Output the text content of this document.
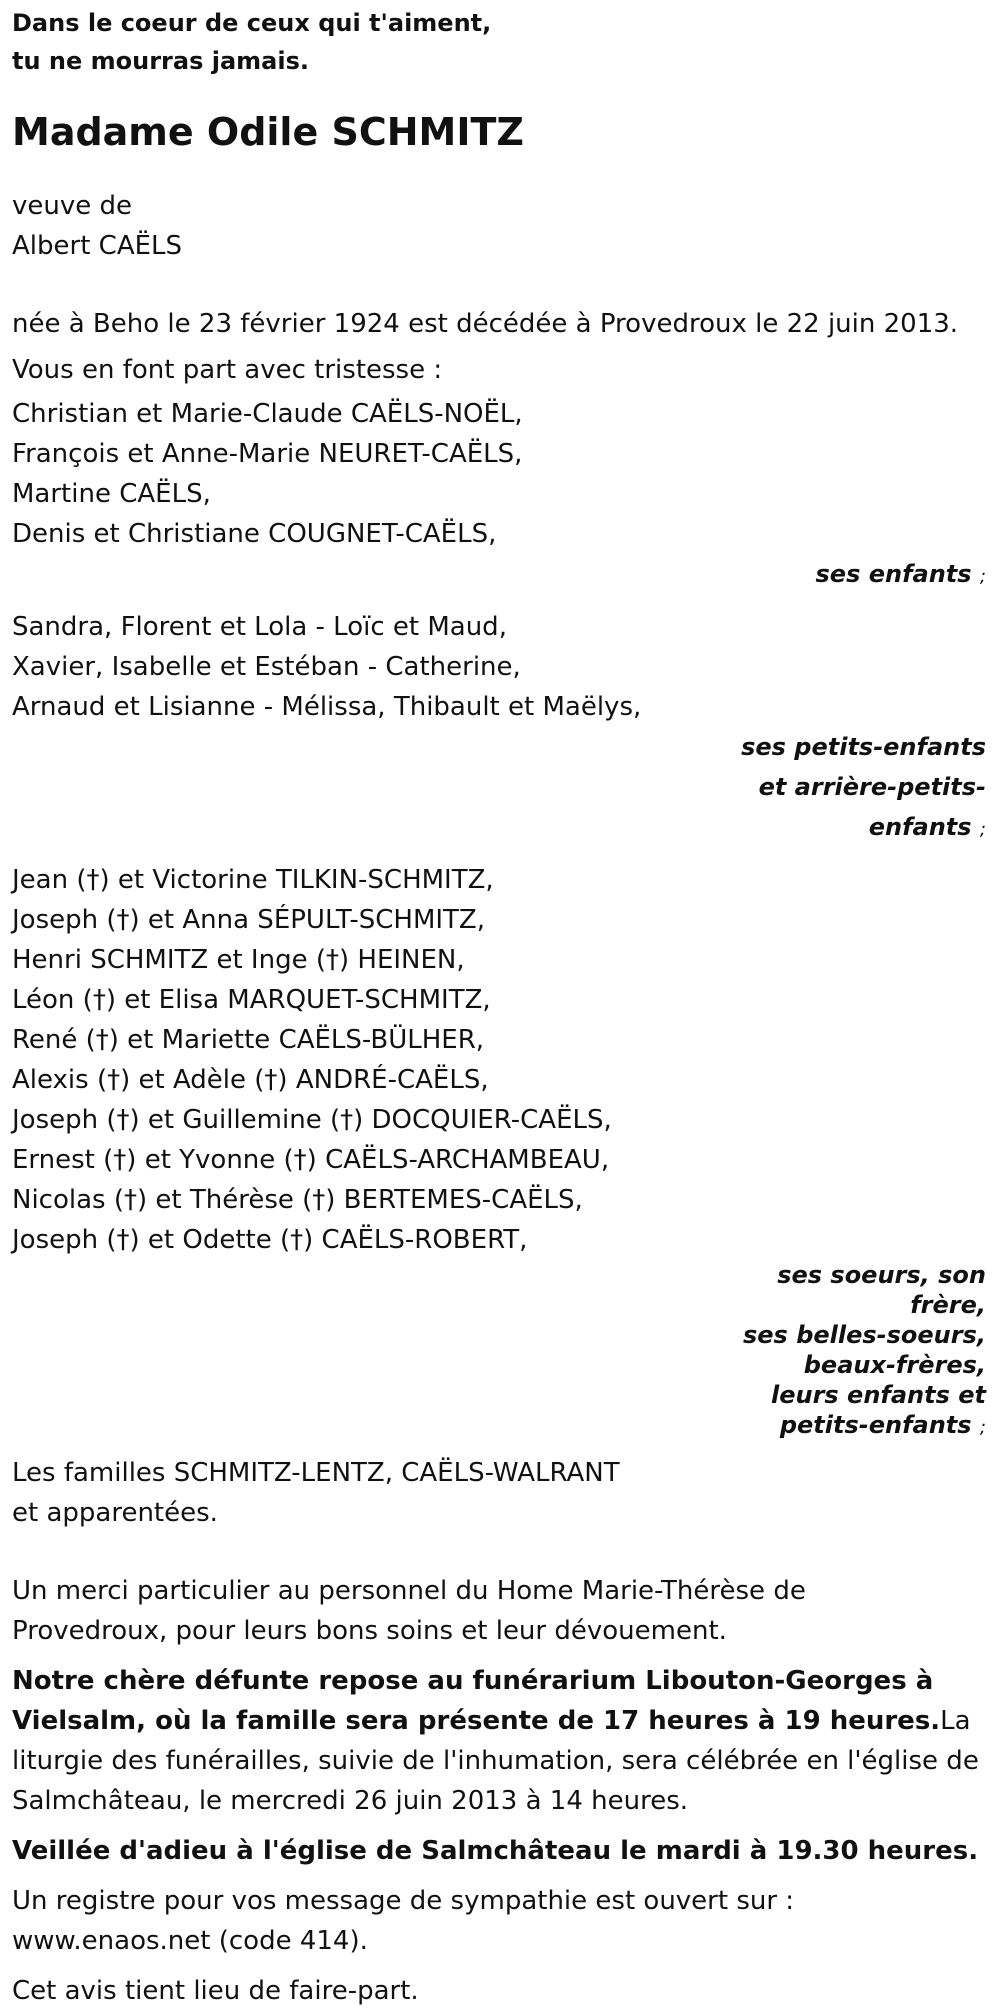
Dans le coeur de ceux qui t'aiment,
tu ne mourras jamais.
Madame Odile SCHMITZ
veuve de
Albert CAËLS
née à Beho le 23 février 1924 est décédée à Provedroux le 22 juin 2013.
Vous en font part avec tristesse :
Christian et Marie-Claude CAËLS-NOËL,
François et Anne-Marie NEURET-CAËLS,
Martine CAËLS,
Denis et Christiane COUGNET-CAËLS,
ses enfants ;
Sandra, Florent et Lola - Loïc et Maud,
Xavier, Isabelle et Estéban - Catherine,
Arnaud et Lisianne - Mélissa, Thibault et Maëlys,
ses petits-enfants
et arrière-petits-
enfants ;
Jean (†) et Victorine TILKIN-SCHMITZ,
Joseph (†) et Anna SÉPULT-SCHMITZ,
Henri SCHMITZ et Inge (†) HEINEN,
Léon (†) et Elisa MARQUET-SCHMITZ,
René (†) et Mariette CAËLS-BÜLHER,
Alexis (†) et Adèle (†) ANDRÉ-CAËLS,
Joseph (†) et Guillemine (†) DOCQUIER-CAËLS,
Ernest (†) et Yvonne (†) CAËLS-ARCHAMBEAU,
Nicolas (†) et Thérèse (†) BERTEMES-CAËLS,
Joseph (†) et Odette (†) CAËLS-ROBERT,
ses soeurs, son
frère,
ses belles-soeurs,
beaux-frères,
leurs enfants et
petits-enfants ;
Les familles SCHMITZ-LENTZ, CAËLS-WALRANT
et apparentées.
Un merci particulier au personnel du Home Marie-Thérèse de
Provedroux, pour leurs bons soins et leur dévouement.
Notre chère défunte repose au funérarium Libouton-Georges à
Vielsalm, où la famille sera présente de 17 heures à 19 heures.La
liturgie des funérailles, suivie de l'inhumation, sera célébrée en l'église de
Salmchâteau, le mercredi 26 juin 2013 à 14 heures.
Veillée d'adieu à l'église de Salmchâteau le mardi à 19.30 heures.
Un registre pour vos message de sympathie est ouvert sur :
www.enaos.net (code 414).
Cet avis tient lieu de faire-part.
